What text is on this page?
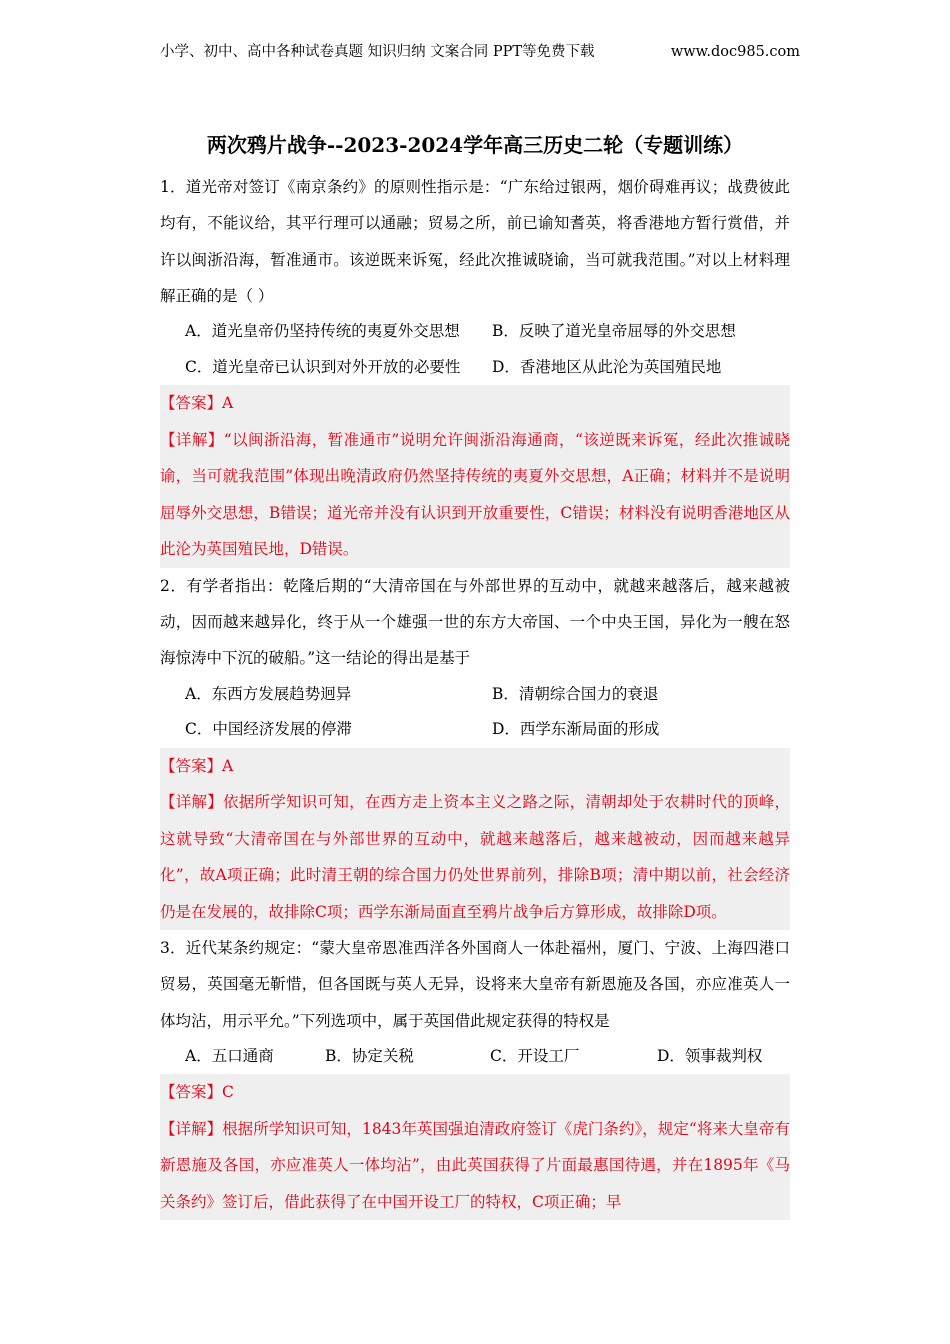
小学、初中、高中各种试卷真题 知识归纳 文案合同 PPT等免费下载	www.doc985.com
两次鸦片战争--2023-2024学年高三历史二轮（专题训练）

1．道光帝对签订《南京条约》的原则性指示是：“广东给过银两，烟价碍难再议；战费彼此均有，不能议给，其平行理可以通融；贸易之所，前已谕知耆英，将香港地方暂行赏借，并许以闽浙沿海，暂准通市。该逆既来诉冤，经此次推诚晓谕，当可就我范围。”对以上材料理解正确的是（ ）

A．道光皇帝仍坚持传统的夷夏外交思想	B．反映了道光皇帝屈辱的外交思想
C．道光皇帝已认识到对外开放的必要性	D．香港地区从此沦为英国殖民地

【答案】A

【详解】“以闽浙沿海，暂准通市”说明允许闽浙沿海通商，“该逆既来诉冤，经此次推诚晓谕，当可就我范围”体现出晚清政府仍然坚持传统的夷夏外交思想，A正确；材料并不是说明屈辱外交思想，B错误；道光帝并没有认识到开放重要性，C错误；材料没有说明香港地区从此沦为英国殖民地，D错误。

2．有学者指出：乾隆后期的“大清帝国在与外部世界的互动中，就越来越落后，越来越被动，因而越来越异化，终于从一个雄强一世的东方大帝国、一个中央王国，异化为一艘在怒海惊涛中下沉的破船。”这一结论的得出是基于

A．东西方发展趋势迥异	B．清朝综合国力的衰退
C．中国经济发展的停滞	D．西学东渐局面的形成

【答案】A

【详解】依据所学知识可知，在西方走上资本主义之路之际，清朝却处于农耕时代的顶峰，这就导致“大清帝国在与外部世界的互动中，就越来越落后，越来越被动，因而越来越异化”，故A项正确；此时清王朝的综合国力仍处世界前列，排除B项；清中期以前，社会经济仍是在发展的，故排除C项；西学东渐局面直至鸦片战争后方算形成，故排除D项。

3．近代某条约规定：“蒙大皇帝恩准西洋各外国商人一体赴福州，厦门、宁波、上海四港口贸易，英国毫无靳惜，但各国既与英人无异，设将来大皇帝有新恩施及各国，亦应准英人一体均沾，用示平允。”下列选项中，属于英国借此规定获得的特权是

A．五口通商	B．协定关税	C．开设工厂	D．领事裁判权

【答案】C

【详解】根据所学知识可知，1843年英国强迫清政府签订《虎门条约》，规定“将来大皇帝有新恩施及各国，亦应准英人一体均沾”，由此英国获得了片面最惠国待遇，并在1895年《马关条约》签订后，借此获得了在中国开设工厂的特权，C项正确；早
